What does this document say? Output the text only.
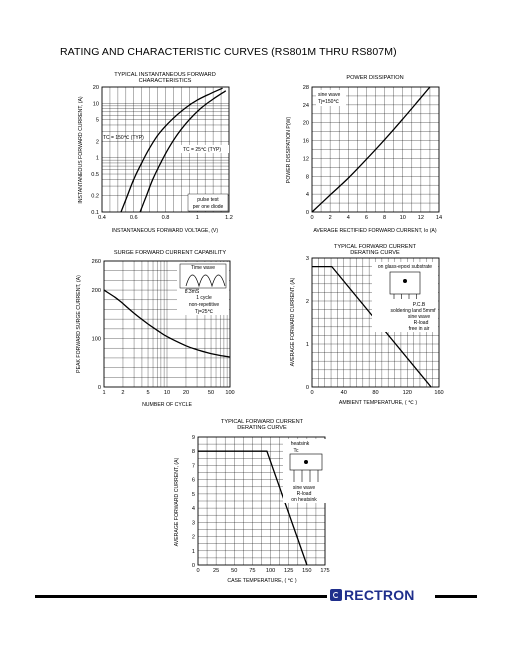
RATING AND CHARACTERISTIC CURVES (RS801M THRU RS807M)
0.4	0.6	0.8	1	1.2
0.1
0.2
0.5
1
2
5
10
20
TYPICAL INSTANTANEOUS FORWARD
CHARACTERISTICS
INSTANTANEOUS FORWARD VOLTAGE, (V)
INSTANTANEOUS FORWARD CURRENT, (A)	TC = 150℃ (TYP)
TC = 25℃ (TYP)
pulse test
per one diode
0	2	4	6	8 10 12 14
0
4
8
12
16
20
24
28
POWER DISSIPATION
AVERAGE RECTIFIED FORWARD CURRENT, Io (A)
POWER DISSIPATION P(W)
sine wave
Tj=150℃
1	2	5	10 20	50 100
0
100
200
260
SURGE FORWARD CURRENT CAPABILITY
NUMBER OF CYCLE
PEAK FORWARD SURGE CURRENT, (A)
Time wave
8.3mS
1 cycle
non-repetitive
Tj=25℃
0	40	80	120	160
0
1
2
3
TYPICAL FORWARD CURRENT
DERATING CURVE
AMBIENT TEMPERATURE, ( ℃ )
AVERAGE FORWARD CURRENT, (A)
on glass-epoxi substrate
P.C.B
soldering land 5mmf
sine wave
R-load
free in air
0 25 50 75 100 125 150 175
0
1
2
3
4
5
6
7
8
9
TYPICAL FORWARD CURRENT
DERATING CURVE
CASE TEMPERATURE, ( ℃ )
AVERAGE FORWARD CURRENT, (A)
heatsink
Tc
sine wave
R-load
on heatsink
RECTRON
